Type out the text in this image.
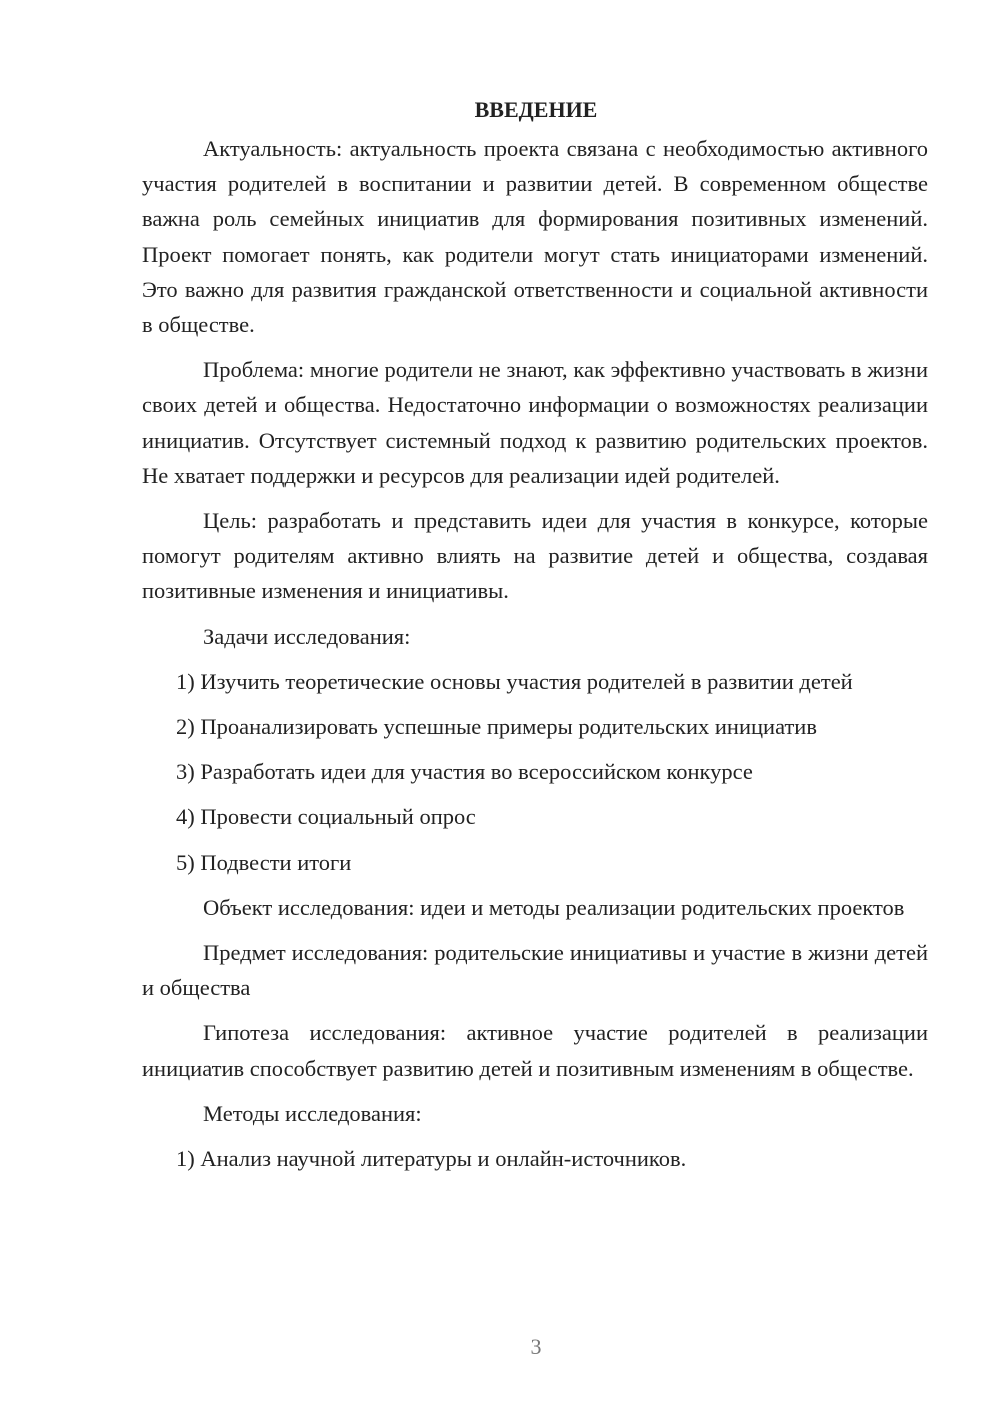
ВВЕДЕНИЕ

Актуальность: актуальность проекта связана с необходимостью активного участия родителей в воспитании и развитии детей. В современном обществе важна роль семейных инициатив для формирования позитивных изменений. Проект помогает понять, как родители могут стать инициаторами изменений. Это важно для развития гражданской ответственности и социальной активности в обществе.

Проблема: многие родители не знают, как эффективно участвовать в жизни своих детей и общества. Недостаточно информации о возможностях реализации инициатив. Отсутствует системный подход к развитию родительских проектов. Не хватает поддержки и ресурсов для реализации идей родителей.

Цель: разработать и представить идеи для участия в конкурсе, которые помогут родителям активно влиять на развитие детей и общества, создавая позитивные изменения и инициативы.

Задачи исследования:

1) Изучить теоретические основы участия родителей в развитии детей
2) Проанализировать успешные примеры родительских инициатив
3) Разработать идеи для участия во всероссийском конкурсе
4) Провести социальный опрос
5) Подвести итоги

Объект исследования: идеи и методы реализации родительских проектов

Предмет исследования: родительские инициативы и участие в жизни детей и общества

Гипотеза исследования: активное участие родителей в реализации инициатив способствует развитию детей и позитивным изменениям в обществе.

Методы исследования:

1) Анализ научной литературы и онлайн-источников.
3
